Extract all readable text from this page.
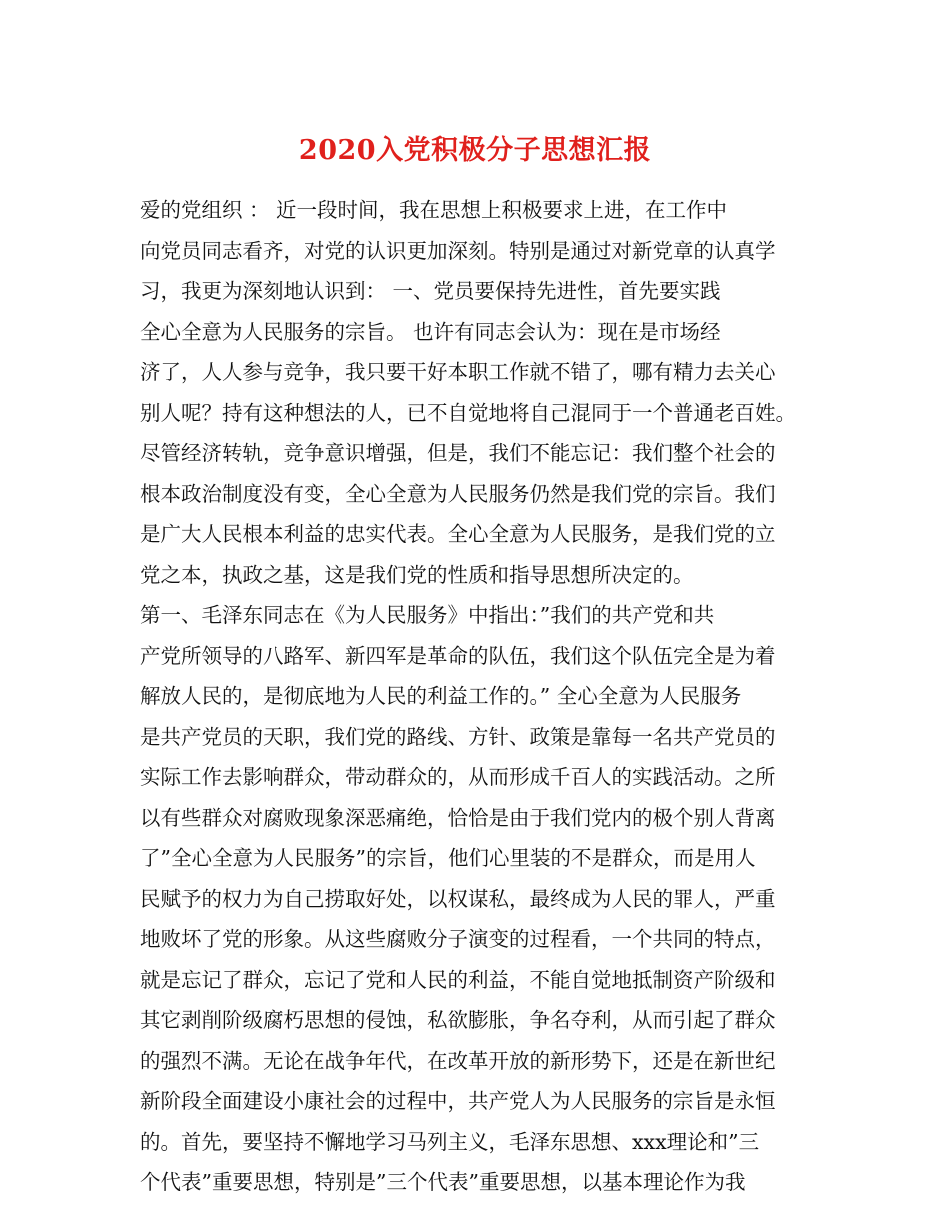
2020入党积极分子思想汇报
爱的党组织 ： 近一段时间，我在思想上积极要求上进，在工作中
向党员同志看齐，对党的认识更加深刻。特别是通过对新党章的认真学
习，我更为深刻地认识到： 一、党员要保持先进性，首先要实践
全心全意为人民服务的宗旨。 也许有同志会认为：现在是市场经
济了，人人参与竞争，我只要干好本职工作就不错了，哪有精力去关心
别人呢？持有这种想法的人，已不自觉地将自己混同于一个普通老百姓。
尽管经济转轨，竞争意识增强，但是，我们不能忘记：我们整个社会的
根本政治制度没有变，全心全意为人民服务仍然是我们党的宗旨。我们
是广大人民根本利益的忠实代表。全心全意为人民服务，是我们党的立
党之本，执政之基，这是我们党的性质和指导思想所决定的。
第一、毛泽东同志在《为人民服务》中指出：”我们的共产党和共
产党所领导的八路军、新四军是革命的队伍，我们这个队伍完全是为着
解放人民的，是彻底地为人民的利益工作的。” 全心全意为人民服务
是共产党员的天职，我们党的路线、方针、政策是靠每一名共产党员的
实际工作去影响群众，带动群众的，从而形成千百人的实践活动。之所
以有些群众对腐败现象深恶痛绝，恰恰是由于我们党内的极个别人背离
了”全心全意为人民服务”的宗旨，他们心里装的不是群众，而是用人
民赋予的权力为自己捞取好处，以权谋私，最终成为人民的罪人，严重
地败坏了党的形象。从这些腐败分子演变的过程看，一个共同的特点，
就是忘记了群众，忘记了党和人民的利益，不能自觉地抵制资产阶级和
其它剥削阶级腐朽思想的侵蚀，私欲膨胀，争名夺利，从而引起了群众
的强烈不满。无论在战争年代，在改革开放的新形势下，还是在新世纪
新阶段全面建设小康社会的过程中，共产党人为人民服务的宗旨是永恒
的。首先，要坚持不懈地学习马列主义，毛泽东思想、xxx理论和”三
个代表”重要思想，特别是”三个代表”重要思想，以基本理论作为我
